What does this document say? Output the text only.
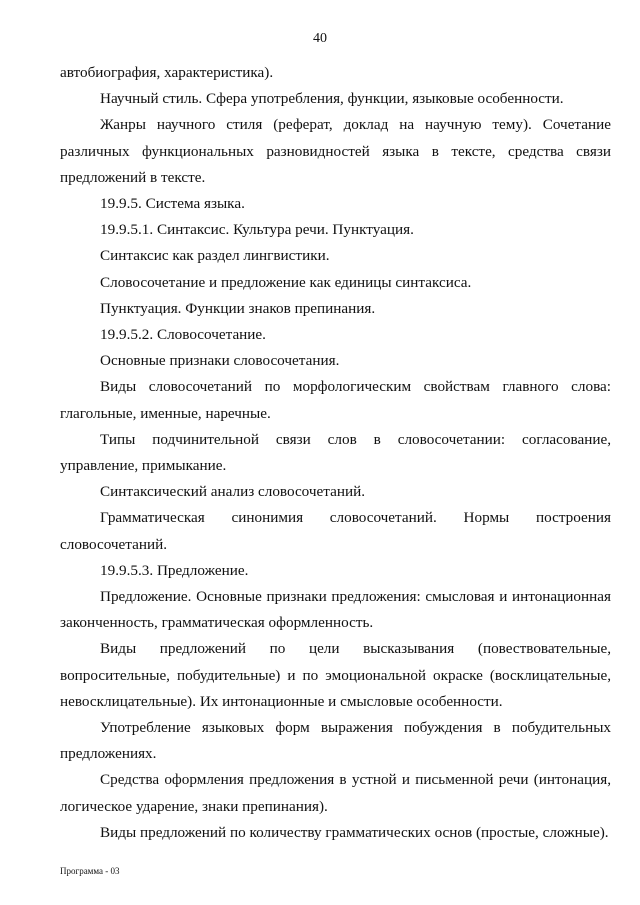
40

автобиография, характеристика).

Научный стиль. Сфера употребления, функции, языковые особенности.

Жанры научного стиля (реферат, доклад на научную тему). Сочетание различных функциональных разновидностей языка в тексте, средства связи предложений в тексте.

19.9.5. Система языка.

19.9.5.1. Синтаксис. Культура речи. Пунктуация.

Синтаксис как раздел лингвистики.

Словосочетание и предложение как единицы синтаксиса.

Пунктуация. Функции знаков препинания.

19.9.5.2. Словосочетание.

Основные признаки словосочетания.

Виды словосочетаний по морфологическим свойствам главного слова: глагольные, именные, наречные.

Типы подчинительной связи слов в словосочетании: согласование, управление, примыкание.

Синтаксический анализ словосочетаний.

Грамматическая синонимия словосочетаний. Нормы построения словосочетаний.

19.9.5.3. Предложение.

Предложение. Основные признаки предложения: смысловая и интонационная законченность, грамматическая оформленность.

Виды предложений по цели высказывания (повествовательные, вопросительные, побудительные) и по эмоциональной окраске (восклицательные, невосклицательные). Их интонационные и смысловые особенности.

Употребление языковых форм выражения побуждения в побудительных предложениях.

Средства оформления предложения в устной и письменной речи (интонация, логическое ударение, знаки препинания).

Виды предложений по количеству грамматических основ (простые, сложные).

Программа - 03
